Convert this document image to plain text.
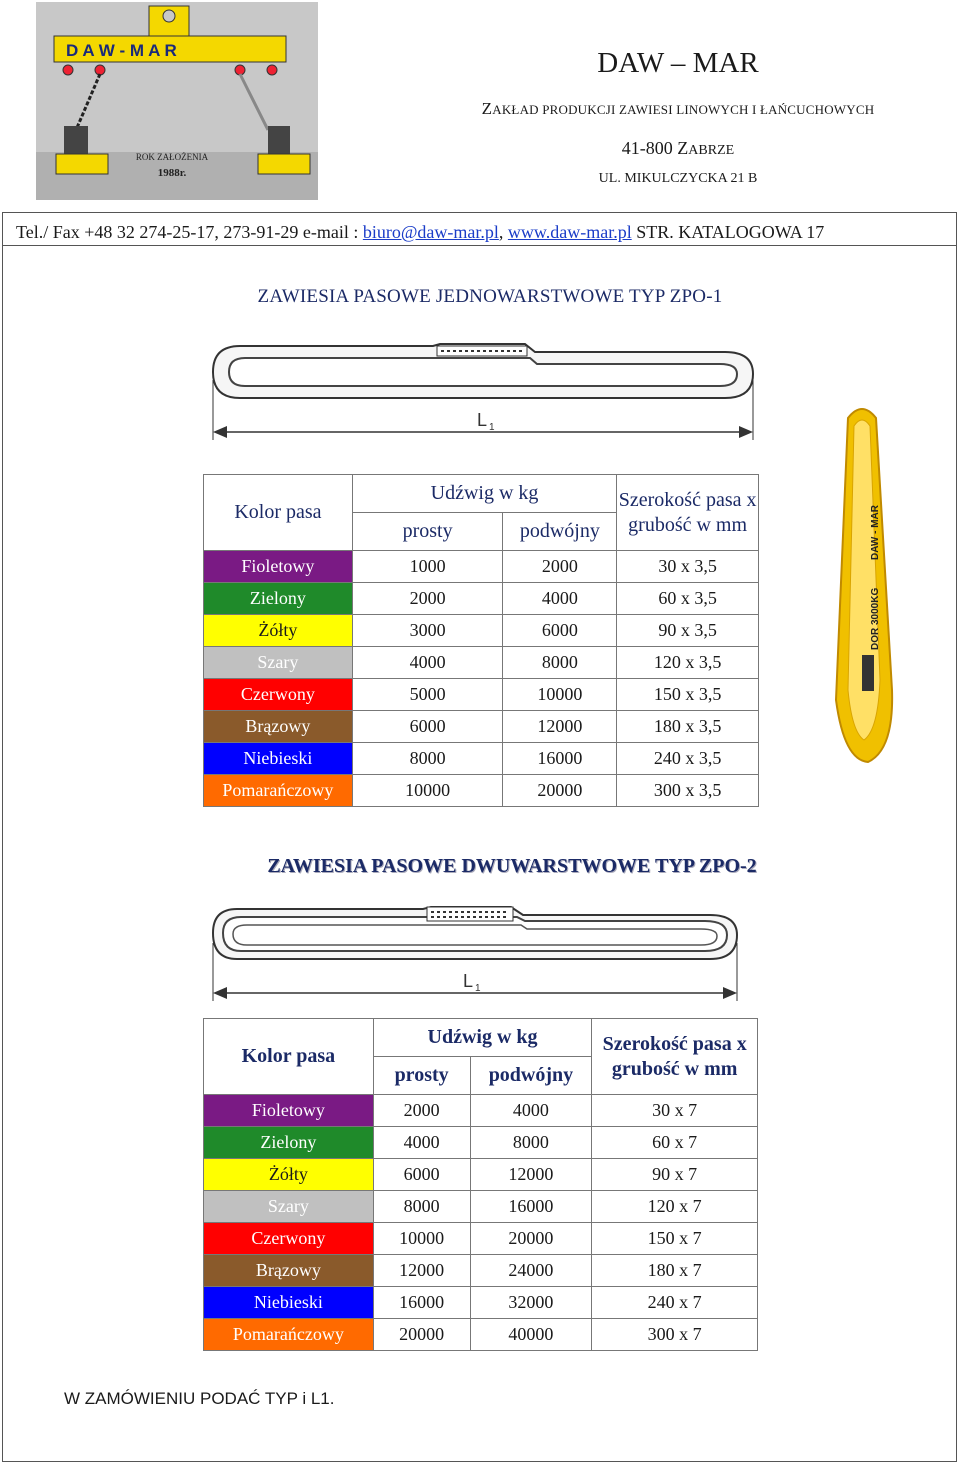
D A W - M A R
ROK ZAŁOŻENIA
1988r.
DAW – MAR
ZAKŁAD PRODUKCJI ZAWIESI LINOWYCH I ŁAŃCUCHOWYCH
41-800 ZABRZE
UL. MIKULCZYCKA 21 B
Tel./ Fax +48 32 274-25-17, 273-91-29 e-mail : biuro@daw-mar.pl, www.daw-mar.pl STR. KATALOGOWA 17
ZAWIESIA PASOWE JEDNOWARSTWOWE TYP ZPO-1
L 1
Kolor pasa	Udźwig w kg		Szerokość pasa x grubość w mm
	prosty	podwójny	
Fioletowy	1000	2000	30 x 3,5
Zielony	2000	4000	60 x 3,5
Żółty	3000	6000	90 x 3,5
Szary	4000	8000	120 x 3,5
Czerwony	5000	10000	150 x 3,5
Brązowy	6000	12000	180 x 3,5
Niebieski	8000	16000	240 x 3,5
Pomarańczowy	10000	20000	300 x 3,5
DAW - MAR
DOR 3000KG
ZAWIESIA PASOWE DWUWARSTWOWE TYP ZPO-2
L 1
Kolor pasa	Udźwig w kg		Szerokość pasa x grubość w mm
	prosty	podwójny	
Fioletowy	2000	4000	30 x 7
Zielony	4000	8000	60 x 7
Żółty	6000	12000	90 x 7
Szary	8000	16000	120 x 7
Czerwony	10000	20000	150 x 7
Brązowy	12000	24000	180 x 7
Niebieski	16000	32000	240 x 7
Pomarańczowy	20000	40000	300 x 7
W ZAMÓWIENIU PODAĆ TYP i L1.
